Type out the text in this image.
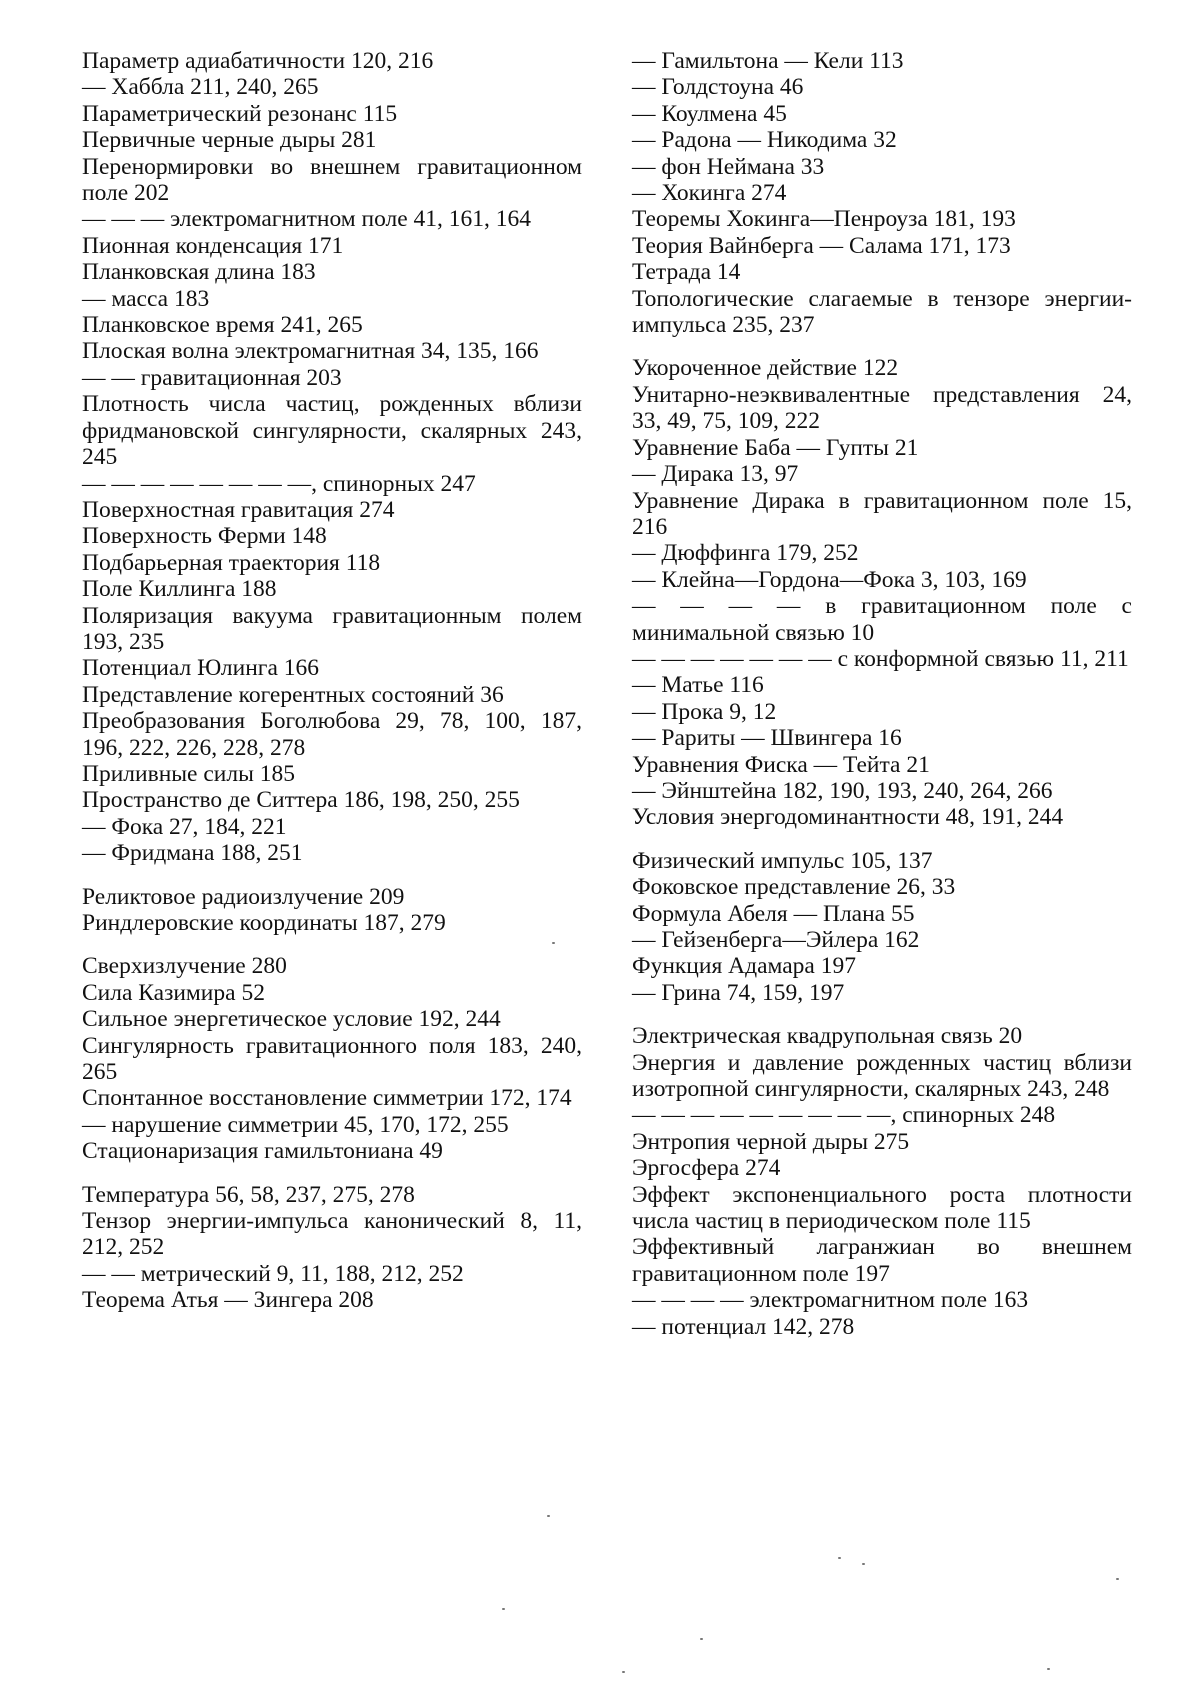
Параметр адиабатичности 120, 216
— Хаббла 211, 240, 265
Параметрический резонанс 115
Первичные черные дыры 281
Перенормировки во внешнем гравитационном поле 202
— — — электромагнитном поле 41, 161, 164
Пионная конденсация 171
Планковская длина 183
— масса 183
Планковское время 241, 265
Плоская волна электромагнитная 34, 135, 166
— — гравитационная 203
Плотность числа частиц, рожденных вблизи фридмановской сингулярности, скалярных 243, 245
— — — — — — — —, спинорных 247
Поверхностная гравитация 274
Поверхность Ферми 148
Подбарьерная траектория 118
Поле Киллинга 188
Поляризация вакуума гравитационным полем 193, 235
Потенциал Юлинга 166
Представление когерентных состояний 36
Преобразования Боголюбова 29, 78, 100, 187, 196, 222, 226, 228, 278
Приливные силы 185
Пространство де Ситтера 186, 198, 250, 255
— Фока 27, 184, 221
— Фридмана 188, 251
Реликтовое радиоизлучение 209
Риндлеровские координаты 187, 279
Сверхизлучение 280
Сила Казимира 52
Сильное энергетическое условие 192, 244
Сингулярность гравитационного поля 183, 240, 265
Спонтанное восстановление симметрии 172, 174
— нарушение симметрии 45, 170, 172, 255
Стационаризация гамильтониана 49
Температура 56, 58, 237, 275, 278
Тензор энергии-импульса канонический 8, 11, 212, 252
— — метрический 9, 11, 188, 212, 252
Теорема Атья — Зингера 208
— Гамильтона — Кели 113
— Голдстоуна 46
— Коулмена 45
— Радона — Никодима 32
— фон Неймана 33
— Хокинга 274
Теоремы Хокинга—Пенроуза 181, 193
Теория Вайнберга — Салама 171, 173
Тетрада 14
Топологические слагаемые в тензоре энергии-импульса 235, 237
Укороченное действие 122
Унитарно-неэквивалентные представления 24, 33, 49, 75, 109, 222
Уравнение Баба — Гупты 21
— Дирака 13, 97
Уравнение Дирака в гравитационном поле 15, 216
— Дюффинга 179, 252
— Клейна—Гордона—Фока 3, 103, 169
— — — — в гравитационном поле с минимальной связью 10
— — — — — — — с конформной связью 11, 211
— Матье 116
— Прока 9, 12
— Рариты — Швингера 16
Уравнения Фиска — Тейта 21
— Эйнштейна 182, 190, 193, 240, 264, 266
Условия энергодоминантности 48, 191, 244
Физический импульс 105, 137
Фоковское представление 26, 33
Формула Абеля — Плана 55
— Гейзенберга—Эйлера 162
Функция Адамара 197
— Грина 74, 159, 197
Электрическая квадрупольная связь 20
Энергия и давление рожденных частиц вблизи изотропной сингулярности, скалярных 243, 248
— — — — — — — — —, спинорных 248
Энтропия черной дыры 275
Эргосфера 274
Эффект экспоненциального роста плотности числа частиц в периодическом поле 115
Эффективный лагранжиан во внешнем гравитационном поле 197
— — — — электромагнитном поле 163
— потенциал 142, 278
